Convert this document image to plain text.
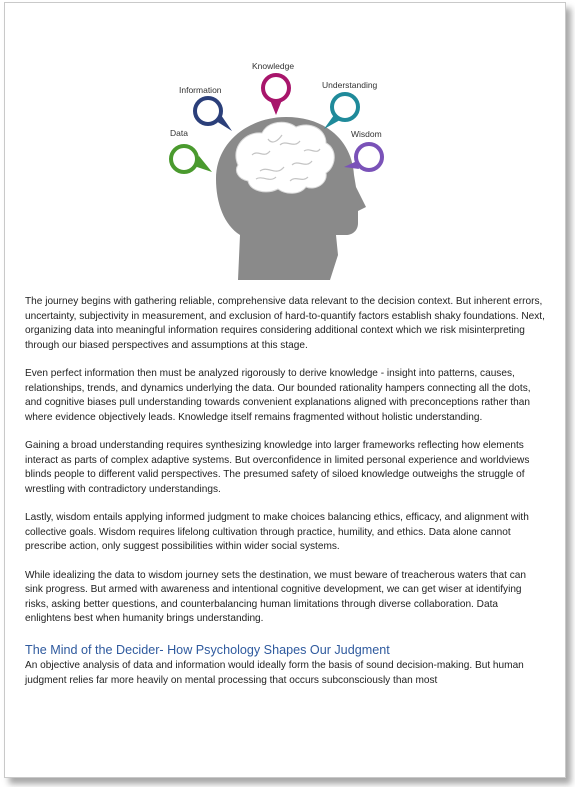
Data
Information
Knowledge
Understanding
Wisdom

The journey begins with gathering reliable, comprehensive data relevant to the decision context. But inherent errors, uncertainty, subjectivity in measurement, and exclusion of hard-to-quantify factors establish shaky foundations. Next, organizing data into meaningful information requires considering additional context which we risk misinterpreting through our biased perspectives and assumptions at this stage.

Even perfect information then must be analyzed rigorously to derive knowledge - insight into patterns, causes, relationships, trends, and dynamics underlying the data. Our bounded rationality hampers connecting all the dots, and cognitive biases pull understanding towards convenient explanations aligned with preconceptions rather than where evidence objectively leads. Knowledge itself remains fragmented without holistic understanding.

Gaining a broad understanding requires synthesizing knowledge into larger frameworks reflecting how elements interact as parts of complex adaptive systems. But overconfidence in limited personal experience and worldviews blinds people to different valid perspectives. The presumed safety of siloed knowledge outweighs the struggle of wrestling with contradictory understandings.

Lastly, wisdom entails applying informed judgment to make choices balancing ethics, efficacy, and alignment with collective goals. Wisdom requires lifelong cultivation through practice, humility, and ethics. Data alone cannot prescribe action, only suggest possibilities within wider social systems.

While idealizing the data to wisdom journey sets the destination, we must beware of treacherous waters that can sink progress. But armed with awareness and intentional cognitive development, we can get wiser at identifying risks, asking better questions, and counterbalancing human limitations through diverse collaboration. Data enlightens best when humanity brings understanding.

The Mind of the Decider- How Psychology Shapes Our Judgment

An objective analysis of data and information would ideally form the basis of sound decision-making. But human judgment relies far more heavily on mental processing that occurs subconsciously than most
